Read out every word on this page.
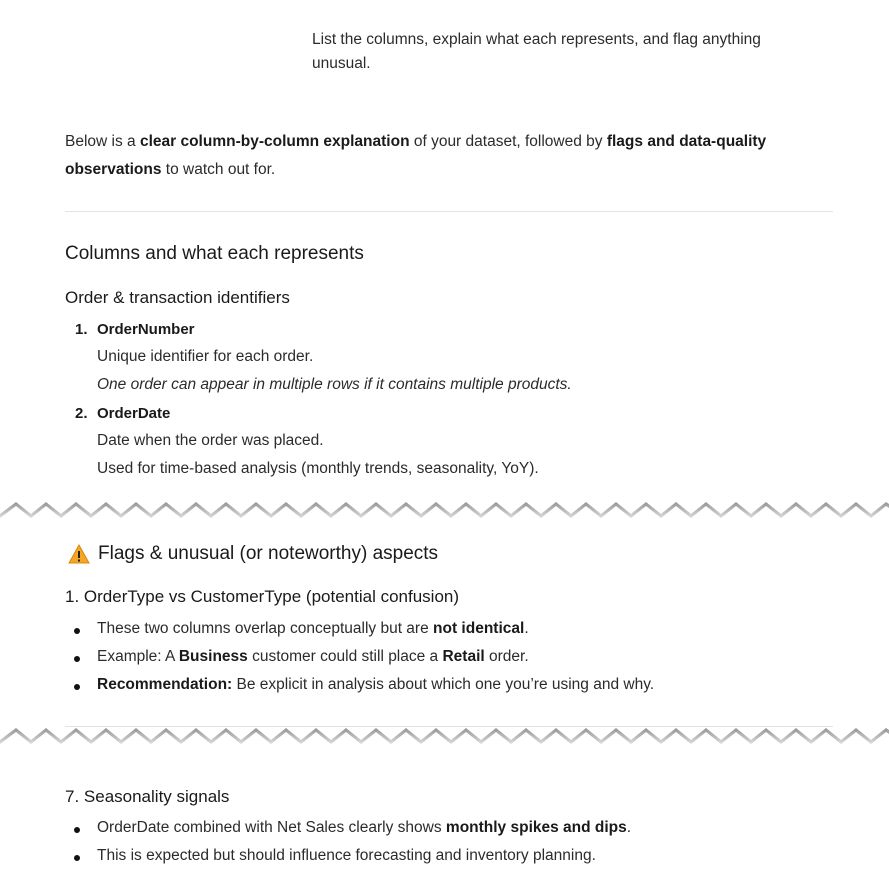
List the columns, explain what each represents, and flag anything unusual.
Below is a clear column-by-column explanation of your dataset, followed by flags and data-quality
observations to watch out for.
Columns and what each represents
Order & transaction identifiers
1. OrderNumber
Unique identifier for each order.
One order can appear in multiple rows if it contains multiple products.
2. OrderDate
Date when the order was placed.
Used for time-based analysis (monthly trends, seasonality, YoY).
Flags & unusual (or noteworthy) aspects
1. OrderType vs CustomerType (potential confusion)
These two columns overlap conceptually but are not identical.
Example: A Business customer could still place a Retail order.
Recommendation: Be explicit in analysis about which one you’re using and why.
7. Seasonality signals
OrderDate combined with Net Sales clearly shows monthly spikes and dips.
This is expected but should influence forecasting and inventory planning.
